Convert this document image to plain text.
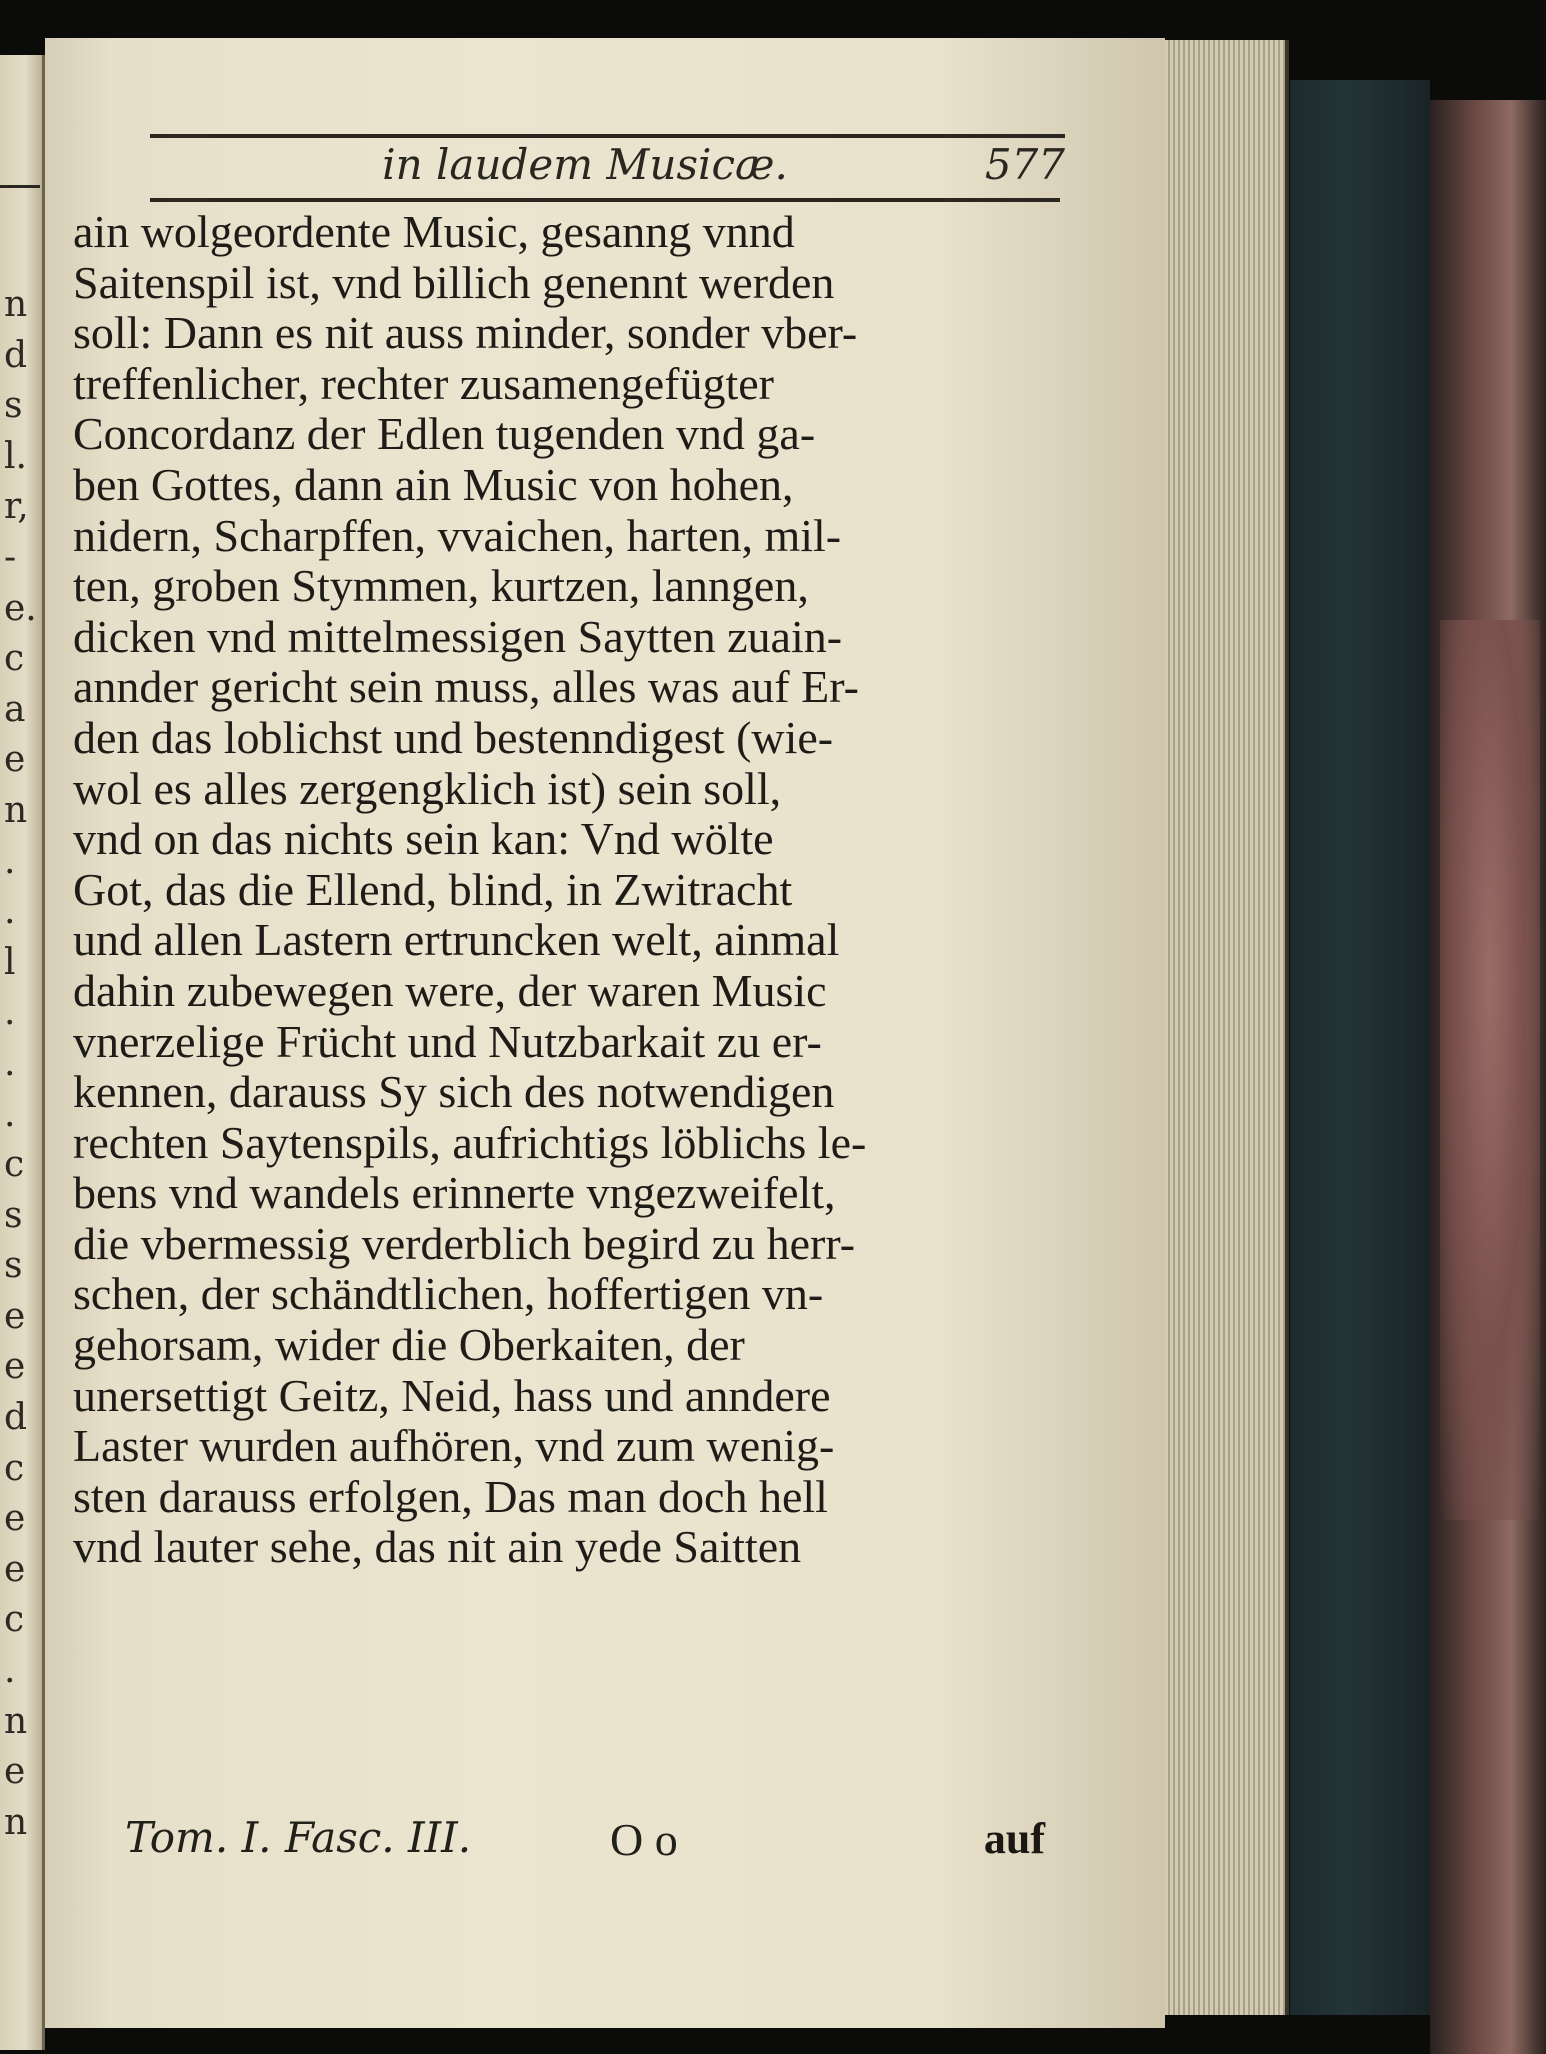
n
d
s
l.
r,
-
e.
c
a
e
n
.
.
l
.
.
.
c
s
s
e
e
d
c
e
e
c
.
n
e
n
in laudem Musicæ.	577
ain wolgeordente Music, gesanng vnnd
Saitenspil ist, vnd billich genennt werden
soll: Dann es nit auss minder, sonder vber-
treffenlicher, rechter zusamengefügter
Concordanz der Edlen tugenden vnd ga-
ben Gottes, dann ain Music von hohen,
nidern, Scharpffen, vvaichen, harten, mil-
ten, groben Stymmen, kurtzen, lanngen,
dicken vnd mittelmessigen Saytten zuain-
annder gericht sein muss, alles was auf Er-
den das loblichst und bestenndigest (wie-
wol es alles zergengklich ist) sein soll,
vnd on das nichts sein kan: Vnd wölte
Got, das die Ellend, blind, in Zwitracht
und allen Lastern ertruncken welt, ainmal
dahin zubewegen were, der waren Music
vnerzelige Frücht und Nutzbarkait zu er-
kennen, darauss Sy sich des notwendigen
rechten Saytenspils, aufrichtigs löblichs le-
bens vnd wandels erinnerte vngezweifelt,
die vbermessig verderblich begird zu herr-
schen, der schändtlichen, hoffertigen vn-
gehorsam, wider die Oberkaiten, der
unersettigt Geitz, Neid, hass und anndere
Laster wurden aufhören, vnd zum wenig-
sten darauss erfolgen, Das man doch hell
vnd lauter sehe, das nit ain yede Saitten
Tom. I. Fasc. III.	O o	auf
